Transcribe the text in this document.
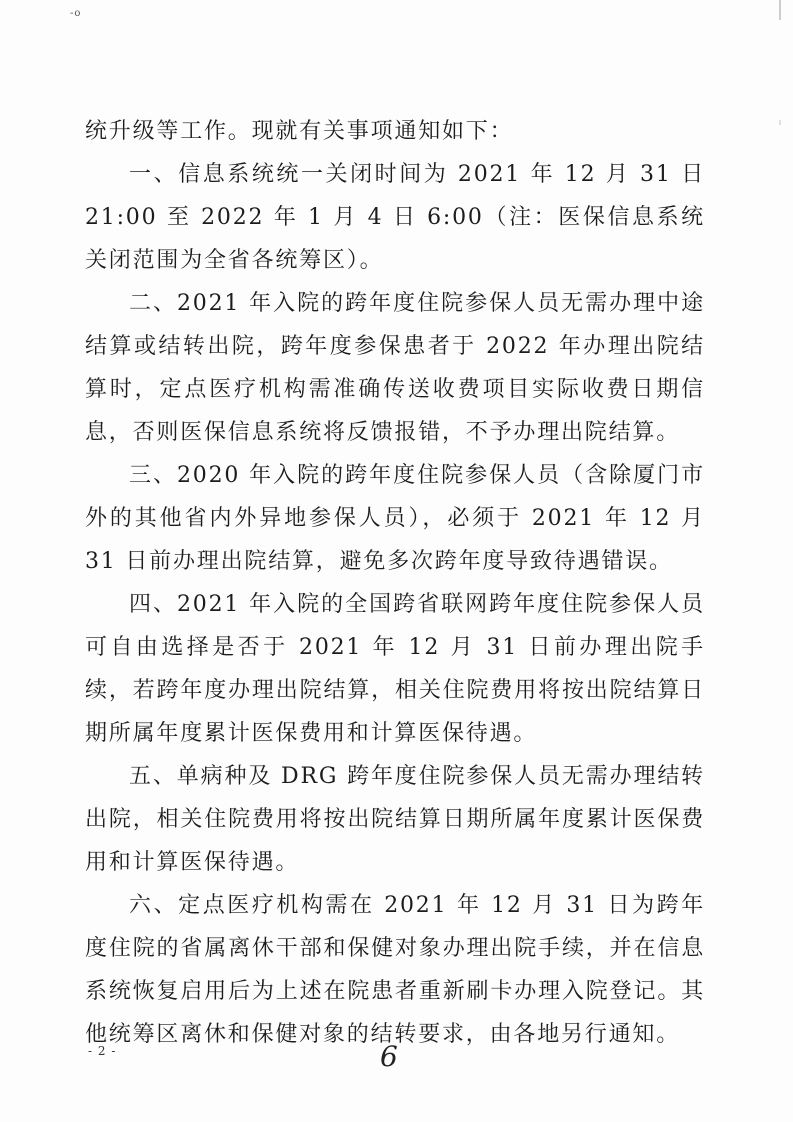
-o

统升级等工作。现就有关事项通知如下：

一、信息系统统一关闭时间为 2021 年 12 月 31 日 21:00 至 2022 年 1 月 4 日 6:00（注：医保信息系统关闭范围为全省各统筹区）。

二、2021 年入院的跨年度住院参保人员无需办理中途结算或结转出院，跨年度参保患者于 2022 年办理出院结算时，定点医疗机构需准确传送收费项目实际收费日期信息，否则医保信息系统将反馈报错，不予办理出院结算。

三、2020 年入院的跨年度住院参保人员（含除厦门市外的其他省内外异地参保人员），必须于 2021 年 12 月 31 日前办理出院结算，避免多次跨年度导致待遇错误。

四、2021 年入院的全国跨省联网跨年度住院参保人员可自由选择是否于 2021 年 12 月 31 日前办理出院手续，若跨年度办理出院结算，相关住院费用将按出院结算日期所属年度累计医保费用和计算医保待遇。

五、单病种及 DRG 跨年度住院参保人员无需办理结转出院，相关住院费用将按出院结算日期所属年度累计医保费用和计算医保待遇。

六、定点医疗机构需在 2021 年 12 月 31 日为跨年度住院的省属离休干部和保健对象办理出院手续，并在信息系统恢复启用后为上述在院患者重新刷卡办理入院登记。其他统筹区离休和保健对象的结转要求，由各地另行通知。

- 2 -	6
